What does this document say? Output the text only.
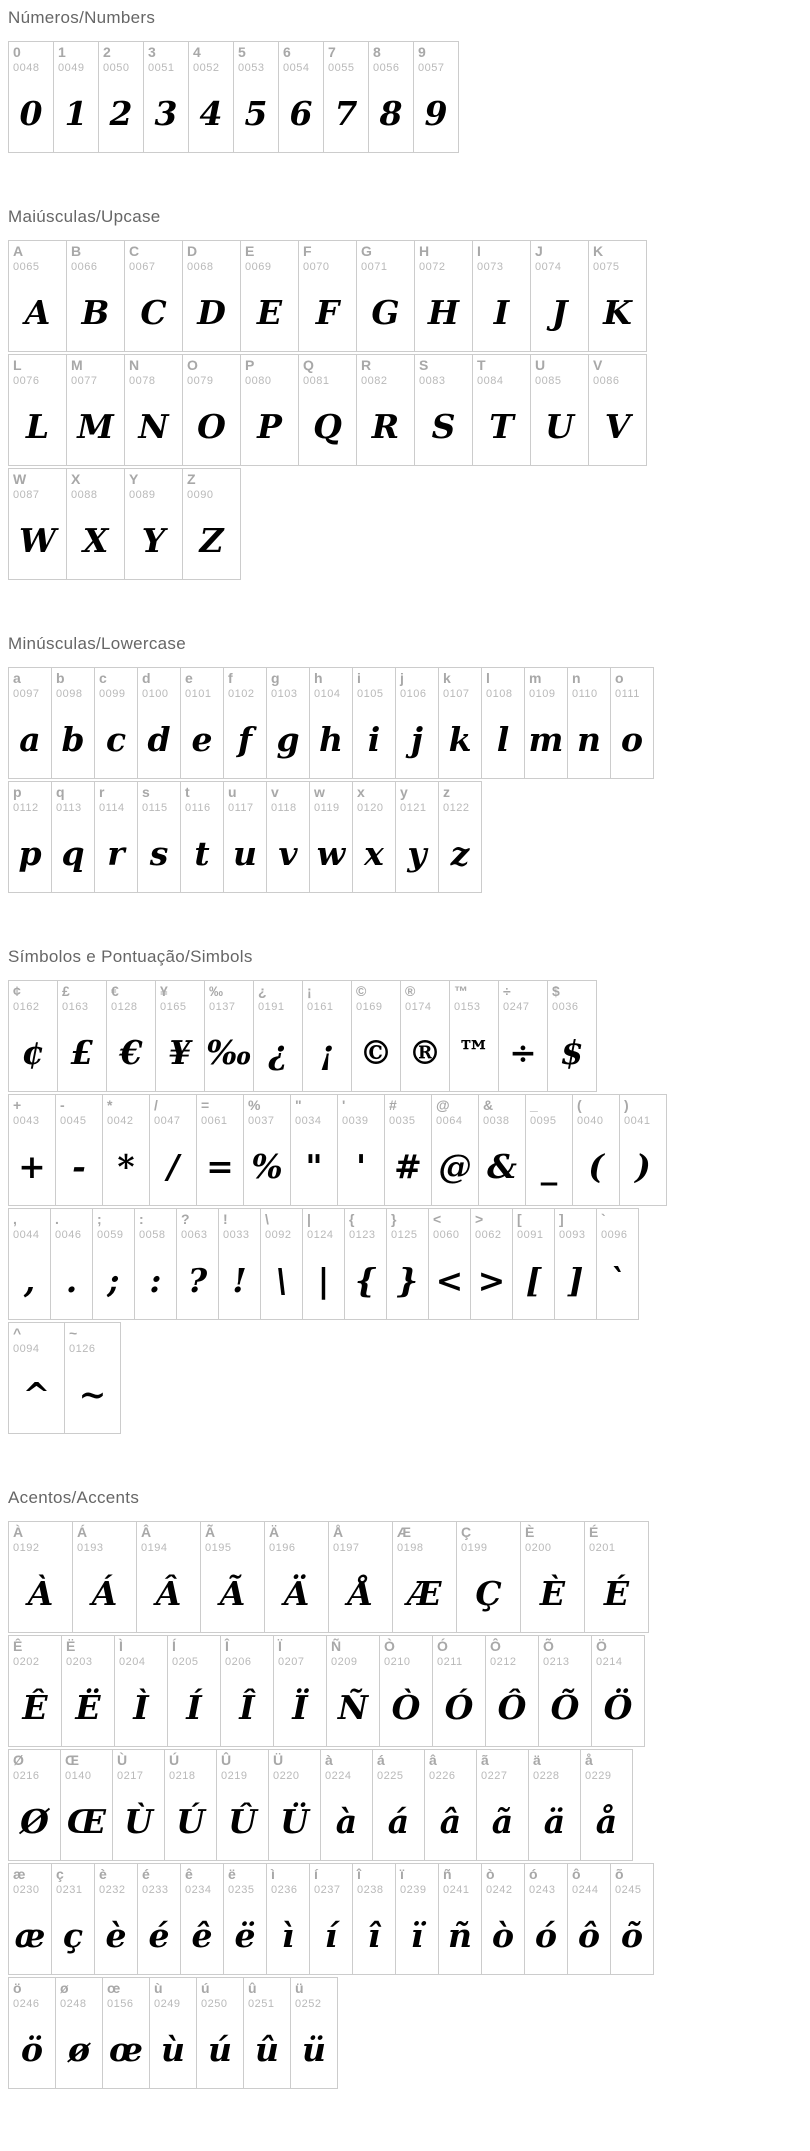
Números/Numbers
0
0048
0

1
0049
1

2
0050
2

3
0051
3

4
0052
4

5
0053
5

6
0054
6

7
0055
7

8
0056
8

9
0057
9
Maiúsculas/Upcase
A
0065
A

B
0066
B

C
0067
C

D
0068
D

E
0069
E

F
0070
F

G
0071
G

H
0072
H

I
0073
I

J
0074
J

K
0075
K
L
0076
L

M
0077
M

N
0078
N

O
0079
O

P
0080
P

Q
0081
Q

R
0082
R

S
0083
S

T
0084
T

U
0085
U

V
0086
V
W
0087
W

X
0088
X

Y
0089
Y

Z
0090
Z
Minúsculas/Lowercase
a
0097
a

b
0098
b

c
0099
c

d
0100
d

e
0101
e

f
0102
f

g
0103
g

h
0104
h

i
0105
i

j
0106
j

k
0107
k

l
0108
l

m
0109
m

n
0110
n

o
0111
o
p
0112
p

q
0113
q

r
0114
r

s
0115
s

t
0116
t

u
0117
u

v
0118
v

w
0119
w

x
0120
x

y
0121
y

z
0122
z
Símbolos e Pontuação/Simbols
¢
0162
¢

£
0163
£

€
0128
€

¥
0165
¥

‰
0137
‰

¿
0191
¿

¡
0161
¡

©
0169
©

®
0174
®

™
0153
™

÷
0247
÷

$
0036
$
+
0043
+

-
0045
-

*
0042
*

/
0047
/

=
0061
=

%
0037
%

"
0034
"

'
0039
'

#
0035
#

@
0064
@

&
0038
&

_
0095
_

(
0040
(

)
0041
)
,
0044
,

.
0046
.

;
0059
;

:
0058
:

?
0063
?

!
0033
!

\
0092
\

|
0124
|

{
0123
{

}
0125
}

<
0060
<

>
0062
>

[
0091
[

]
0093
]

`
0096
`
^
0094
^

~
0126
~
Acentos/Accents
À
0192
À

Á
0193
Á

Â
0194
Â

Ã
0195
Ã

Ä
0196
Ä

Å
0197
Å

Æ
0198
Æ

Ç
0199
Ç

È
0200
È

É
0201
É
Ê
0202
Ê

Ë
0203
Ë

Ì
0204
Ì

Í
0205
Í

Î
0206
Î

Ï
0207
Ï

Ñ
0209
Ñ

Ò
0210
Ò

Ó
0211
Ó

Ô
0212
Ô

Õ
0213
Õ

Ö
0214
Ö
Ø
0216
Ø

Œ
0140
Œ

Ù
0217
Ù

Ú
0218
Ú

Û
0219
Û

Ü
0220
Ü

à
0224
à

á
0225
á

â
0226
â

ã
0227
ã

ä
0228
ä

å
0229
å
æ
0230
æ

ç
0231
ç

è
0232
è

é
0233
é

ê
0234
ê

ë
0235
ë

ì
0236
ì

í
0237
í

î
0238
î

ï
0239
ï

ñ
0241
ñ

ò
0242
ò

ó
0243
ó

ô
0244
ô

õ
0245
õ
ö
0246
ö

ø
0248
ø

œ
0156
œ

ù
0249
ù

ú
0250
ú

û
0251
û

ü
0252
ü
